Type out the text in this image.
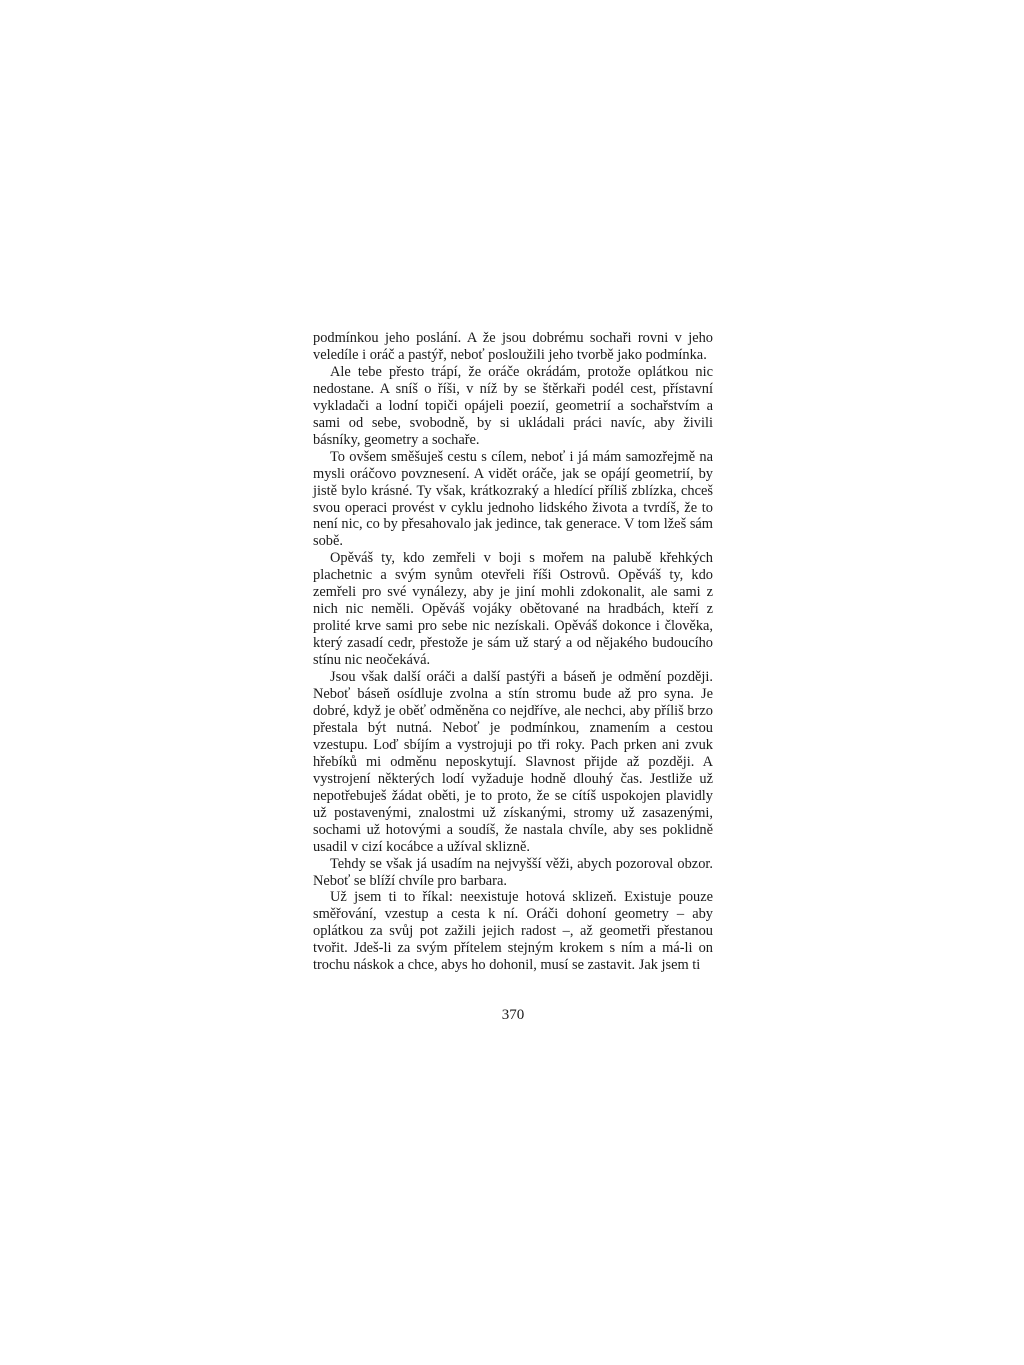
podmínkou jeho poslání. A že jsou dobrému sochaři rovni v jeho veledíle i oráč a pastýř, neboť posloužili jeho tvorbě jako podmínka.

Ale tebe přesto trápí, že oráče okrádám, protože oplátkou nic nedostane. A sníš o říši, v níž by se štěrkaři podél cest, přístavní vykladači a lodní topiči opájeli poezií, geometrií a sochařstvím a sami od sebe, svobodně, by si ukládali práci navíc, aby živili básníky, geometry a sochaře.

To ovšem směšuješ cestu s cílem, neboť i já mám samozřejmě na mysli oráčovo povznesení. A vidět oráče, jak se opájí geometrií, by jistě bylo krásné. Ty však, krátkozraký a hledící příliš zblízka, chceš svou operaci provést v cyklu jednoho lidského života a tvrdíš, že to není nic, co by přesahovalo jak jedince, tak generace. V tom lžeš sám sobě.

Opěváš ty, kdo zemřeli v boji s mořem na palubě křehkých plachetnic a svým synům otevřeli říši Ostrovů. Opěváš ty, kdo zemřeli pro své vynálezy, aby je jiní mohli zdokonalit, ale sami z nich nic neměli. Opěváš vojáky obětované na hradbách, kteří z prolité krve sami pro sebe nic nezískali. Opěváš dokonce i člověka, který zasadí cedr, přestože je sám už starý a od nějakého budoucího stínu nic neočekává.

Jsou však další oráči a další pastýři a báseň je odmění později. Neboť báseň osídluje zvolna a stín stromu bude až pro syna. Je dobré, když je oběť odměněna co nejdříve, ale nechci, aby příliš brzo přestala být nutná. Neboť je podmínkou, znamením a cestou vzestupu. Loď sbíjím a vystrojuji po tři roky. Pach prken ani zvuk hřebíků mi odměnu neposkytují. Slavnost přijde až později. A vystrojení některých lodí vyžaduje hodně dlouhý čas. Jestliže už nepotřebuješ žádat oběti, je to proto, že se cítíš uspokojen plavidly už postavenými, znalostmi už získanými, stromy už zasazenými, sochami už hotovými a soudíš, že nastala chvíle, aby ses poklidně usadil v cizí kocábce a užíval sklizně.

Tehdy se však já usadím na nejvyšší věži, abych pozoroval obzor. Neboť se blíží chvíle pro barbara.

Už jsem ti to říkal: neexistuje hotová sklizeň. Existuje pouze směřování, vzestup a cesta k ní. Oráči dohoní geometry – aby oplátkou za svůj pot zažili jejich radost –, až geometři přestanou tvořit. Jdeš-li za svým přítelem stejným krokem s ním a má-li on trochu náskok a chce, abys ho dohonil, musí se zastavit. Jak jsem ti

370
